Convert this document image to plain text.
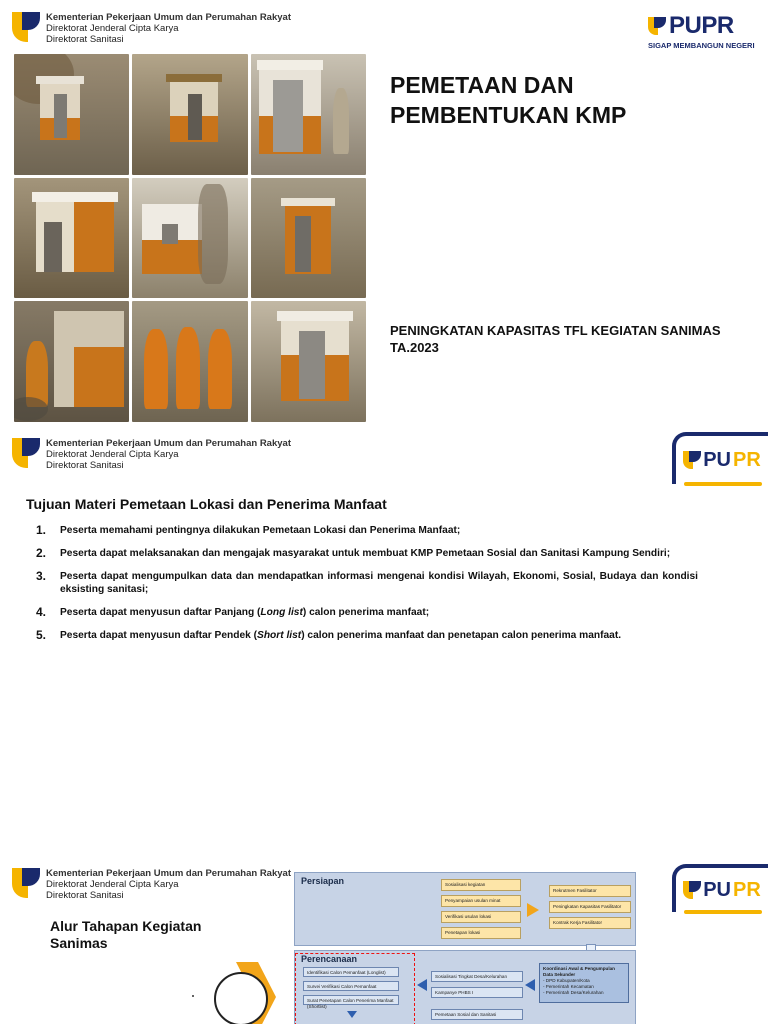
Kementerian Pekerjaan Umum dan Perumahan Rakyat
Direktorat Jenderal Cipta Karya
Direktorat Sanitasi
PUPR
SIGAP MEMBANGUN NEGERI
PEMETAAN DAN PEMBENTUKAN KMP
PENINGKATAN KAPASITAS TFL KEGIATAN SANIMAS TA.2023
Kementerian Pekerjaan Umum dan Perumahan Rakyat
Direktorat Jenderal Cipta Karya
Direktorat Sanitasi	PU PR
Tujuan Materi Pemetaan Lokasi dan Penerima Manfaat
1.	Peserta memahami pentingnya dilakukan Pemetaan Lokasi dan Penerima Manfaat;
2.	Peserta dapat melaksanakan dan mengajak masyarakat untuk membuat KMP Pemetaan Sosial dan Sanitasi Kampung Sendiri;
3.	Peserta dapat mengumpulkan data dan mendapatkan informasi mengenai kondisi Wilayah, Ekonomi, Sosial, Budaya dan kondisi eksisting sanitasi;
4.	Peserta dapat menyusun daftar Panjang (Long list) calon penerima manfaat;
5.	Peserta dapat menyusun daftar Pendek (Short list) calon penerima manfaat dan penetapan calon penerima manfaat.
Kementerian Pekerjaan Umum dan Perumahan Rakyat
Direktorat Jenderal Cipta Karya
Direktorat Sanitasi	PU PR
Alur Tahapan Kegiatan Sanimas
Persiapan	Sosialisasi kegiatan
Penyampaian usulan minat
Verifikasi usulan lokasi
Penetapan lokasi
Rekrutmen Fasilitator
Peningkatan Kapasitas Fasilitator
Kontrak Kerja Fasilitator
Perencanaan
Identifikasi Calon Pemanfaat (Longlist)
Survei Verifikasi Calon Pemanfaat
Surat Penetapan Calon Penerima Manfaat (Shortlist)
Sosialisasi Tingkat Desa/Kelurahan
Kampanye PHBS I
Pemetaan Sosial dan Sanitasi
Koordinasi Awal & Pengumpulan Data Sekunder
- DPD Kabupaten/Kota
- Pemerintah Kecamatan
- Pemerintah Desa/Kelurahan
